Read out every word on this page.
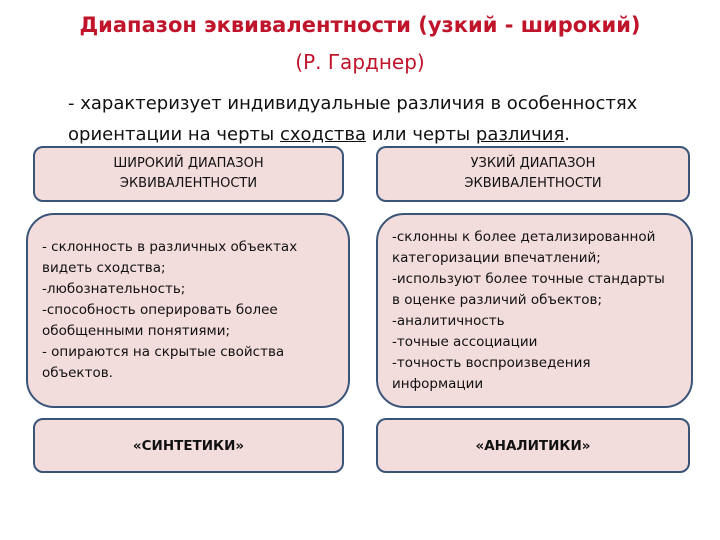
Диапазон эквивалентности (узкий - широкий)
(Р. Гарднер)
- характеризует индивидуальные различия в особенностях
ориентации на черты сходства или черты различия.
ШИРОКИЙ ДИАПАЗОН
ЭКВИВАЛЕНТНОСТИ
УЗКИЙ ДИАПАЗОН
ЭКВИВАЛЕНТНОСТИ
- склонность в различных объектах видеть сходства;
-любознательность;
-способность оперировать более обобщенными понятиями;
- опираются на скрытые свойства объектов.
-склонны к более детализированной категоризации впечатлений;
-используют более точные стандарты в оценке различий объектов;
-аналитичность
-точные ассоциации
-точность воспроизведения информации
«СИНТЕТИКИ»	«АНАЛИТИКИ»
